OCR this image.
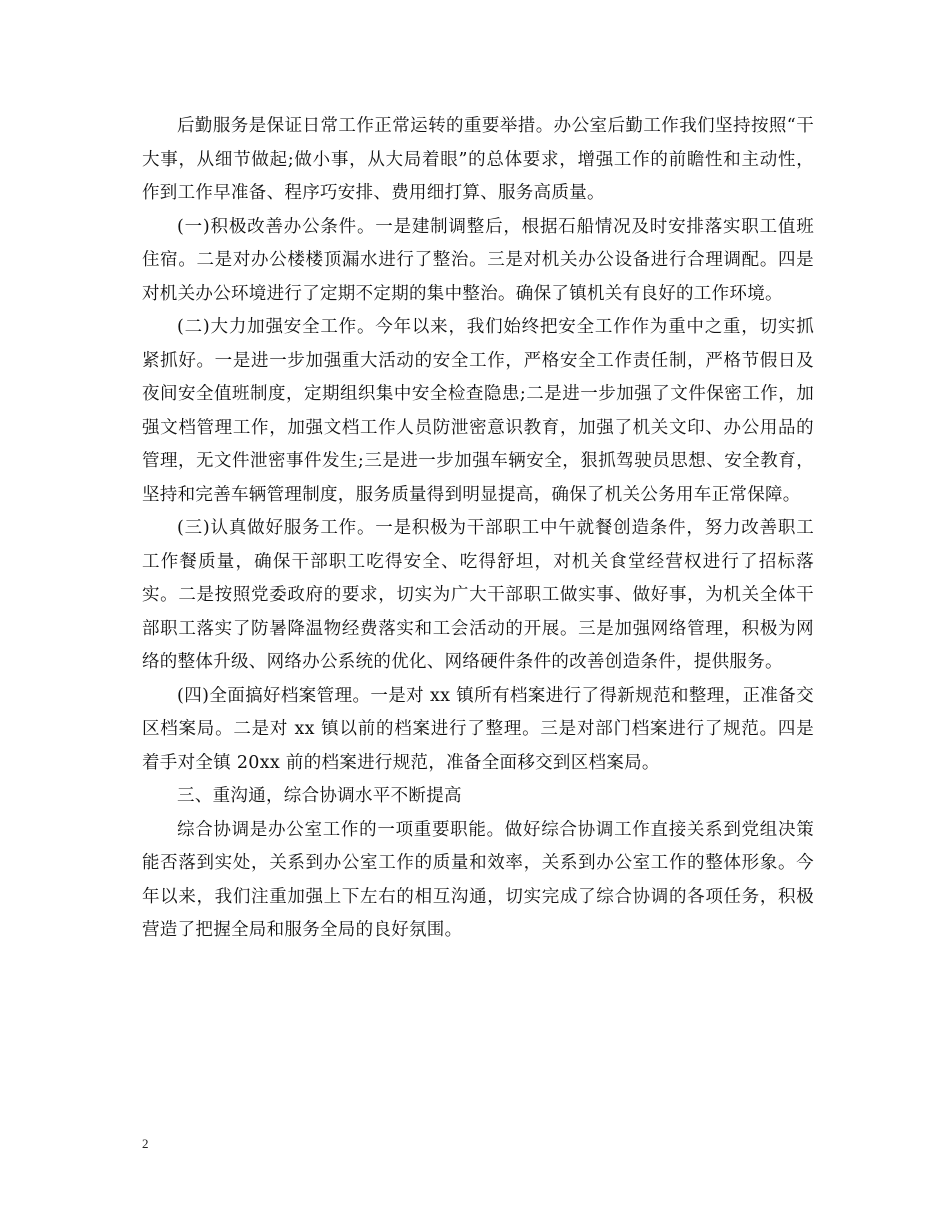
后勤服务是保证日常工作正常运转的重要举措。办公室后勤工作我们坚持按照“干大事，从细节做起;做小事，从大局着眼”的总体要求，增强工作的前瞻性和主动性，作到工作早准备、程序巧安排、费用细打算、服务高质量。

(一)积极改善办公条件。一是建制调整后，根据石船情况及时安排落实职工值班住宿。二是对办公楼楼顶漏水进行了整治。三是对机关办公设备进行合理调配。四是对机关办公环境进行了定期不定期的集中整治。确保了镇机关有良好的工作环境。

(二)大力加强安全工作。今年以来，我们始终把安全工作作为重中之重，切实抓紧抓好。一是进一步加强重大活动的安全工作，严格安全工作责任制，严格节假日及夜间安全值班制度，定期组织集中安全检查隐患;二是进一步加强了文件保密工作，加强文档管理工作，加强文档工作人员防泄密意识教育，加强了机关文印、办公用品的管理，无文件泄密事件发生;三是进一步加强车辆安全，狠抓驾驶员思想、安全教育，坚持和完善车辆管理制度，服务质量得到明显提高，确保了机关公务用车正常保障。

(三)认真做好服务工作。一是积极为干部职工中午就餐创造条件，努力改善职工工作餐质量，确保干部职工吃得安全、吃得舒坦，对机关食堂经营权进行了招标落实。二是按照党委政府的要求，切实为广大干部职工做实事、做好事，为机关全体干部职工落实了防暑降温物经费落实和工会活动的开展。三是加强网络管理，积极为网络的整体升级、网络办公系统的优化、网络硬件条件的改善创造条件，提供服务。

(四)全面搞好档案管理。一是对 xx 镇所有档案进行了得新规范和整理，正准备交区档案局。二是对 xx 镇以前的档案进行了整理。三是对部门档案进行了规范。四是着手对全镇 20xx 前的档案进行规范，准备全面移交到区档案局。

三、重沟通，综合协调水平不断提高

综合协调是办公室工作的一项重要职能。做好综合协调工作直接关系到党组决策能否落到实处，关系到办公室工作的质量和效率，关系到办公室工作的整体形象。今年以来，我们注重加强上下左右的相互沟通，切实完成了综合协调的各项任务，积极营造了把握全局和服务全局的良好氛围。

2
